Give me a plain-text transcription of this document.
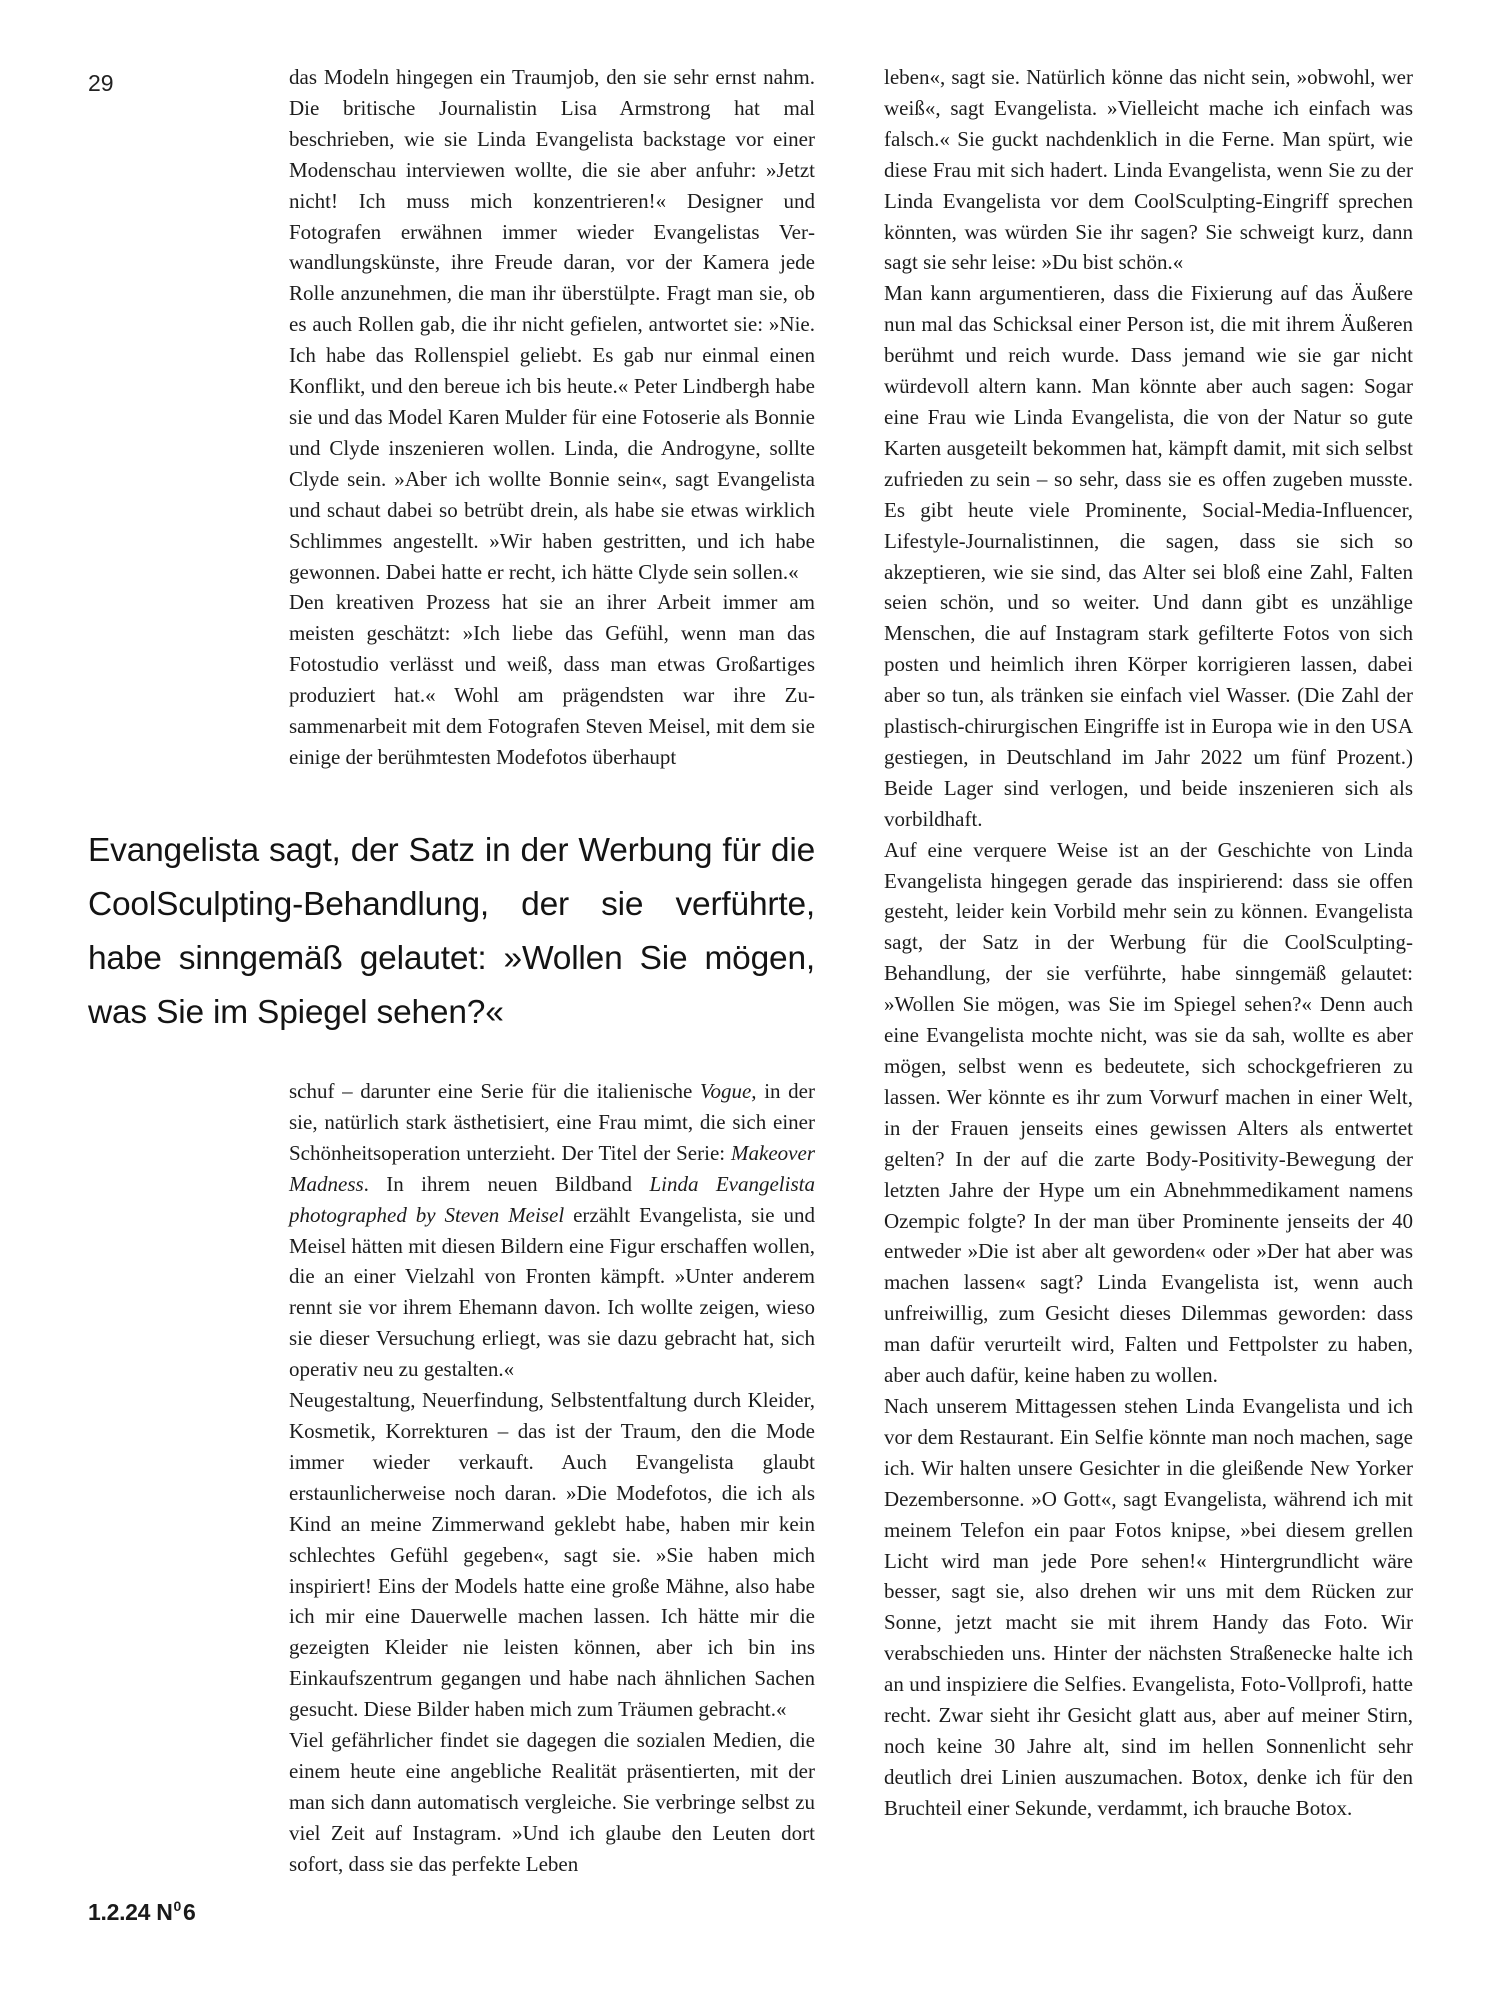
29	das Modeln hingegen ein Traumjob, den sie sehr ernst nahm. Die britische Journalistin Lisa Armstrong hat mal beschrieben, wie sie Linda Evangelista backstage vor einer Modenschau interviewen wollte, die sie aber anfuhr: »Jetzt nicht! Ich muss mich konzentrieren!« Designer und Fotografen erwähnen immer wieder Evangelistas Verwandlungskünste, ihre Freude daran, vor der Kamera jede Rolle anzunehmen, die man ihr überstülpte. Fragt man sie, ob es auch Rollen gab, die ihr nicht gefielen, antwortet sie: »Nie. Ich habe das Rollenspiel geliebt. Es gab nur einmal einen Konflikt, und den bereue ich bis heute.« Peter Lindbergh habe sie und das Model Karen Mulder für eine Fotoserie als Bonnie und Clyde inszenieren wollen. Linda, die Androgyne, sollte Clyde sein. »Aber ich wollte Bonnie sein«, sagt Evangelista und schaut dabei so betrübt drein, als habe sie etwas wirklich Schlimmes angestellt. »Wir haben gestritten, und ich habe gewonnen. Dabei hatte er recht, ich hätte Clyde sein sollen.«

Den kreativen Prozess hat sie an ihrer Arbeit immer am meisten geschätzt: »Ich liebe das Gefühl, wenn man das Fotostudio verlässt und weiß, dass man etwas Großartiges produziert hat.« Wohl am prägendsten war ihre Zusammenarbeit mit dem Fotografen Steven Meisel, mit dem sie einige der berühmtesten Modefotos überhaupt

Evangelista sagt, der Satz in der Werbung für die CoolSculpting-Behandlung, der sie verführte, habe sinngemäß gelautet: »Wollen Sie mögen, was Sie im Spiegel sehen?«

schuf – darunter eine Serie für die italienische Vogue, in der sie, natürlich stark ästhetisiert, eine Frau mimt, die sich einer Schönheitsoperation unterzieht. Der Titel der Serie: Makeover Madness. In ihrem neuen Bildband Linda Evangelista photographed by Steven Meisel erzählt Evangelista, sie und Meisel hätten mit diesen Bildern eine Figur erschaffen wollen, die an einer Vielzahl von Fronten kämpft. »Unter anderem rennt sie vor ihrem Ehemann davon. Ich wollte zeigen, wieso sie dieser Versuchung erliegt, was sie dazu gebracht hat, sich operativ neu zu gestalten.«

Neugestaltung, Neuerfindung, Selbstentfaltung durch Kleider, Kosmetik, Korrekturen – das ist der Traum, den die Mode immer wieder verkauft. Auch Evangelista glaubt erstaunlicherweise noch daran. »Die Modefotos, die ich als Kind an meine Zimmerwand geklebt habe, haben mir kein schlechtes Gefühl gegeben«, sagt sie. »Sie haben mich inspiriert! Eins der Models hatte eine große Mähne, also habe ich mir eine Dauerwelle machen lassen. Ich hätte mir die gezeigten Kleider nie leisten können, aber ich bin ins Einkaufszentrum gegangen und habe nach ähnlichen Sachen gesucht. Diese Bilder haben mich zum Träumen gebracht.«

Viel gefährlicher findet sie dagegen die sozialen Medien, die einem heute eine angebliche Realität präsentierten, mit der man sich dann automatisch vergleiche. Sie verbringe selbst zu viel Zeit auf Instagram. »Und ich glaube den Leuten dort sofort, dass sie das perfekte Leben

leben«, sagt sie. Natürlich könne das nicht sein, »obwohl, wer weiß«, sagt Evangelista. »Vielleicht mache ich einfach was falsch.« Sie guckt nachdenklich in die Ferne. Man spürt, wie diese Frau mit sich hadert. Linda Evangelista, wenn Sie zu der Linda Evangelista vor dem CoolSculpting-Eingriff sprechen könnten, was würden Sie ihr sagen? Sie schweigt kurz, dann sagt sie sehr leise: »Du bist schön.«

Man kann argumentieren, dass die Fixierung auf das Äußere nun mal das Schicksal einer Person ist, die mit ihrem Äußeren berühmt und reich wurde. Dass jemand wie sie gar nicht würdevoll altern kann. Man könnte aber auch sagen: Sogar eine Frau wie Linda Evangelista, die von der Natur so gute Karten ausgeteilt bekommen hat, kämpft damit, mit sich selbst zufrieden zu sein – so sehr, dass sie es offen zugeben musste. Es gibt heute viele Prominente, Social-Media-Influencer, Lifestyle-Journalistinnen, die sagen, dass sie sich so akzeptieren, wie sie sind, das Alter sei bloß eine Zahl, Falten seien schön, und so weiter. Und dann gibt es unzählige Menschen, die auf Instagram stark gefilterte Fotos von sich posten und heimlich ihren Körper korrigieren lassen, dabei aber so tun, als tränken sie einfach viel Wasser. (Die Zahl der plastisch-chirurgischen Eingriffe ist in Europa wie in den USA gestiegen, in Deutschland im Jahr 2022 um fünf Prozent.) Beide Lager sind verlogen, und beide inszenieren sich als vorbildhaft.

Auf eine verquere Weise ist an der Geschichte von Linda Evangelista hingegen gerade das inspirierend: dass sie offen gesteht, leider kein Vorbild mehr sein zu können. Evangelista sagt, der Satz in der Werbung für die CoolSculpting-Behandlung, der sie verführte, habe sinngemäß gelautet: »Wollen Sie mögen, was Sie im Spiegel sehen?« Denn auch eine Evangelista mochte nicht, was sie da sah, wollte es aber mögen, selbst wenn es bedeutete, sich schockgefrieren zu lassen. Wer könnte es ihr zum Vorwurf machen in einer Welt, in der Frauen jenseits eines gewissen Alters als entwertet gelten? In der auf die zarte Body-Positivity-Bewegung der letzten Jahre der Hype um ein Abnehmmedikament namens Ozempic folgte? In der man über Prominente jenseits der 40 entweder »Die ist aber alt geworden« oder »Der hat aber was machen lassen« sagt? Linda Evangelista ist, wenn auch unfreiwillig, zum Gesicht dieses Dilemmas geworden: dass man dafür verurteilt wird, Falten und Fettpolster zu haben, aber auch dafür, keine haben zu wollen.

Nach unserem Mittagessen stehen Linda Evangelista und ich vor dem Restaurant. Ein Selfie könnte man noch machen, sage ich. Wir halten unsere Gesichter in die gleißende New Yorker Dezembersonne. »O Gott«, sagt Evangelista, während ich mit meinem Telefon ein paar Fotos knipse, »bei diesem grellen Licht wird man jede Pore sehen!« Hintergrundlicht wäre besser, sagt sie, also drehen wir uns mit dem Rücken zur Sonne, jetzt macht sie mit ihrem Handy das Foto. Wir verabschieden uns. Hinter der nächsten Straßenecke halte ich an und inspiziere die Selfies. Evangelista, Foto-Vollprofi, hatte recht. Zwar sieht ihr Gesicht glatt aus, aber auf meiner Stirn, noch keine 30 Jahre alt, sind im hellen Sonnenlicht sehr deutlich drei Linien auszumachen. Botox, denke ich für den Bruchteil einer Sekunde, verdammt, ich brauche Botox.

1.2.24 $N^06$
